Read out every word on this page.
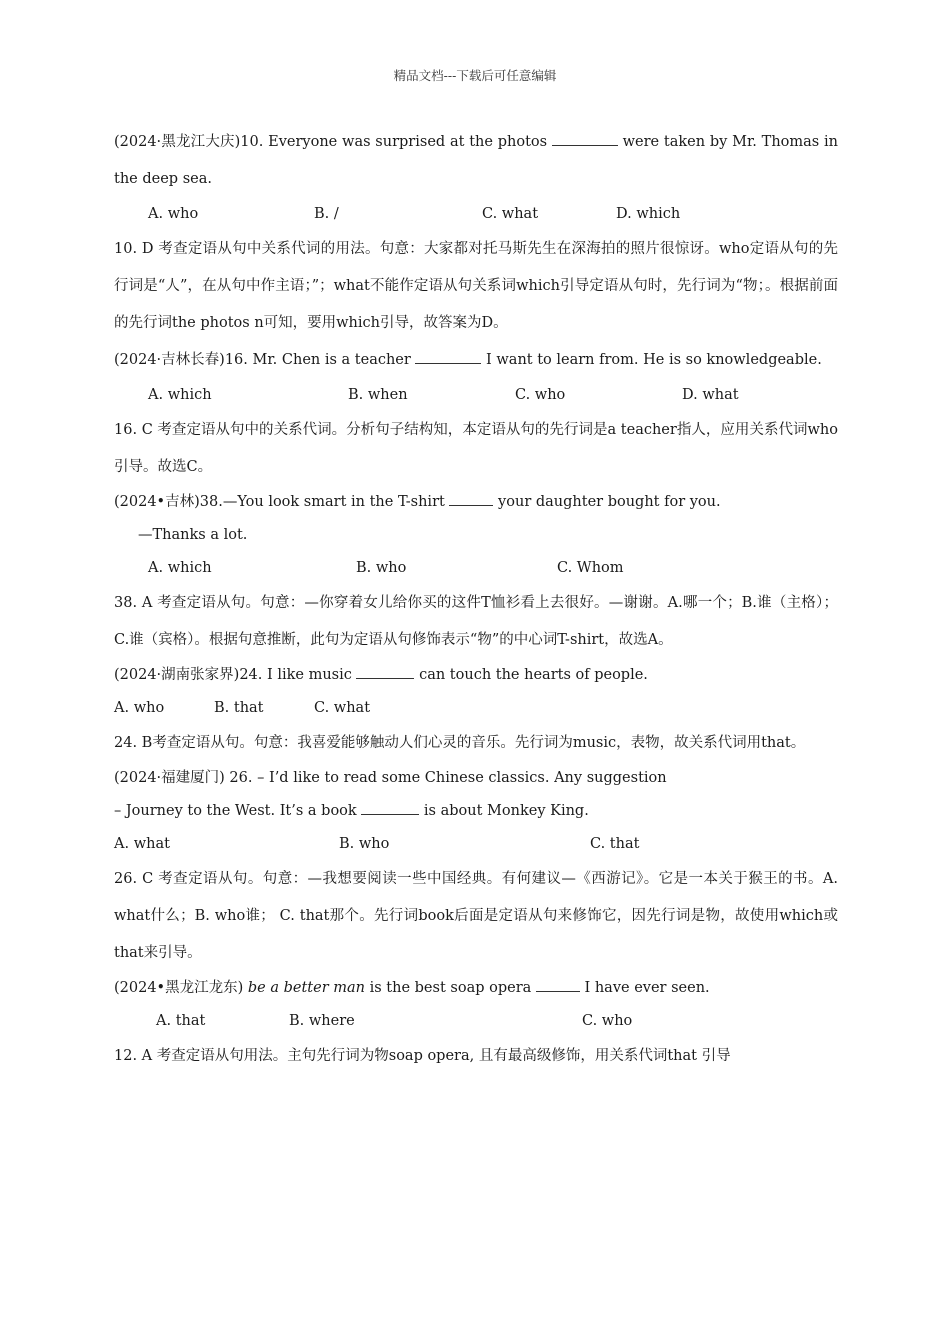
精品文档---下载后可任意编辑
(2024·黑龙江大庆)10. Everyone was surprised at the photos	were taken by Mr. Thomas in the deep sea.
A. who	B. /	C. what	D. which
10. D 考查定语从句中关系代词的用法。句意：大家都对托马斯先生在深海拍的照片很惊讶。who定语从句的先行词是“人”，在从句中作主语；”；what不能作定语从句关系词which引导定语从句时，先行词为“物；。根据前面的先行词the photos n可知，要用which引导，故答案为D。
(2024·吉林长春)16. Mr. Chen is a teacher	I want to learn from. He is so knowledgeable.
A. which	B. when	C. who	D. what
16. C 考查定语从句中的关系代词。分析句子结构知，本定语从句的先行词是a teacher指人，应用关系代词who引导。故选C。
(2024•吉林)38.—You look smart in the T-shirt	your daughter bought for you.
—Thanks a lot.
A. which	B. who	C. Whom
38. A 考查定语从句。句意：—你穿着女儿给你买的这件T恤衫看上去很好。—谢谢。A.哪一个；B.谁（主格）；C.谁（宾格）。根据句意推断，此句为定语从句修饰表示“物”的中心词T-shirt，故选A。
(2024·湖南张家界)24. I like music	can touch the hearts of people.
A. who	B. that	C. what
24. B考查定语从句。句意：我喜爱能够触动人们心灵的音乐。先行词为music，表物，故关系代词用that。
(2024·福建厦门) 26. – I’d like to read some Chinese classics. Any suggestion
– Journey to the West. It’s a book	is about Monkey King.
A. what	B. who	C. that
26. C 考查定语从句。句意：—我想要阅读一些中国经典。有何建议—《西游记》。它是一本关于猴王的书。A. what什么；B. who谁； C. that那个。先行词book后面是定语从句来修饰它，因先行词是物，故使用which或that来引导。
(2024•黑龙江龙东) be a better man is the best soap opera	I have ever seen.
A. that	B. where	C. who
12. A 考查定语从句用法。主句先行词为物soap opera, 且有最高级修饰，用关系代词that 引导
